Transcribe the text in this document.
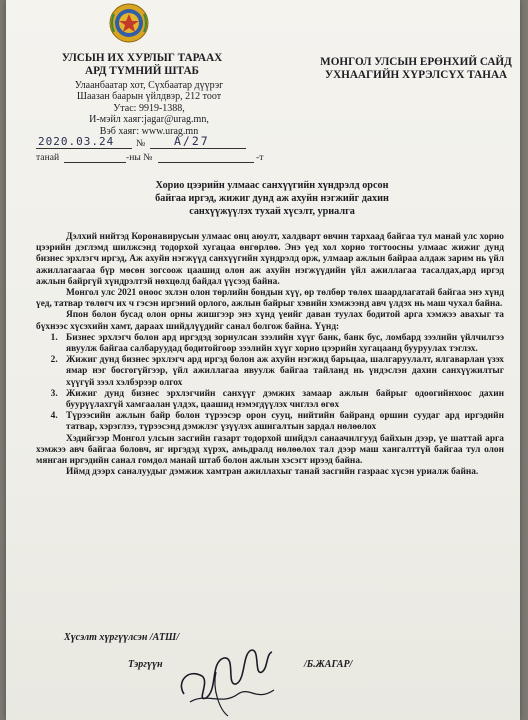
УЛСЫН ИХ ХУРЛЫГ ТАРААХ
АРД ТҮМНИЙ ШТАБ
Улаанбаатар хот, Сүхбаатар дүүрэг
Шаазан баарын үйлдвэр, 212 тоот
Утас: 9919-1388,
И-мэйл хаяг:jagar@urag.mn,
Вэб хаяг: www.urag.mn
МОНГОЛ УЛСЫН ЕРӨНХИЙ САЙД
УХНААГИЙН ХҮРЭЛСҮХ ТАНАА
2020.03.24 №	А/27
танай	-ны №	-т
Хорио цээрийн улмаас санхүүгийн хүндрэлд орсон
байгаа иргэд, жижиг дунд аж ахуйн нэгжийг дахин
санхүүжүүлэх тухай хүсэлт, уриалга

Дэлхий нийтэд Коронавирусын улмаас онц аюулт, халдварт өвчин тархаад байгаа тул манай улс хорио цээрийн дэглэмд шилжсэнд тодорхой хугацаа өнгөрлөө. Энэ үед хол хорио тогтоосны улмаас жижиг дунд бизнес эрхлэгч иргэд, Аж ахуйн нэгжүүд санхүүгийн хүндрэлд орж, улмаар ажлын байраа алдаж зарим нь үйл ажиллагаагаа бүр мөсөн зогсоож цаашид олон аж ахуйн нэгжүүдийн үйл ажиллагаа тасалдах,ард иргэд ажлын байргүй хүндрэлтэй нөхцөлд байдал үүсээд байна.

Монгол улс 2021 оноос эхлэн олон төрлийн бондын хүү, өр төлбөр төлөх шаардлагатай байгаа энэ хүнд үед, татвар төлөгч их ч гэсэн иргэний орлого, ажлын байрыг хэвийн хэмжээнд авч үлдэх нь маш чухал байна.

Япон болон бусад олон орны жишгээр энэ хүнд үеийг даван туулах бодитой арга хэмжээ авахыг та бүхнээс хүсэхийн хамт, дараах шийдлүүдийг санал болгож байна. Үүнд:

1. Бизнес эрхлэгч болон ард иргэдэд зориулсан зээлийн хүүг банк, банк бус, ломбард зээлийн үйлчилгээ явуулж байгаа салбаруудад бодитойгоор зээлийн хүүг хорио цээрийн хугацаанд бууруулах тэглэх.
2. Жижиг дунд бизнес эрхлэгч ард иргэд болон аж ахуйн нэгжид барьцаа, шалгаруулалт, ялгаварлан үзэх ямар нэг босгогүйгээр, үйл ажиллагаа явуулж байгаа тайланд нь үндэслэн дахин санхүүжилтыг хүүгүй зээл хэлбэрээр олгох
3. Жижиг дунд бизнес эрхлэгчийн санхүүг дэмжих замаар ажлын байрыг одоогийнхоос дахин буурүүлахгүй хамгаалан үлдэх, цаашид нэмэгдүүлэх чиглэл өгөх
4. Түрээсийн ажлын байр болон түрээсэр орон сууц, нийтийн байранд оршин суудаг ард иргэдийн татвар, хэрэглээ, түрээсэнд дэмжлэг үзүүлэх ашигалтын зардал нөлөөлох

Хэдийгээр Монгол улсын засгийн газарт тодорхой шийдэл санаачилгууд байхын дээр, үе шаттай арга хэмжээ авч байгаа боловч, яг иргэдэд хүрэх, амьдралд нөлөөлох тал дээр маш хангалттүй байгаа тул олон мянган иргэдийн санал гомдол манай штаб болон ажлын хэсэгт ирээд байна.

Иймд дээрх саналуудыг дэмжиж хамтран ажиллахыг танай засгийн газраас хүсэн уриалж байна.

Хүсэлт хүргүүлсэн /АТШ/
Тэргүүн	/Б.ЖАГАР/
